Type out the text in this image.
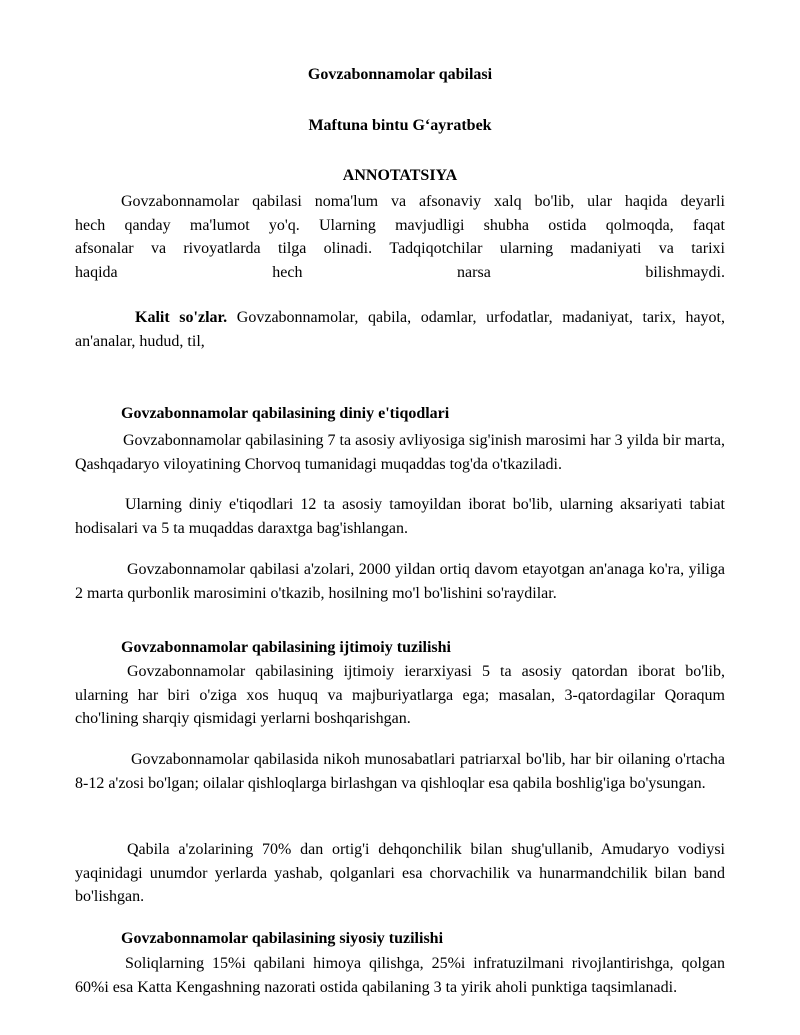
Govzabonnamolar qabilasi
Maftuna bintu G‘ayratbek
ANNOTATSIYA
Govzabonnamolar qabilasi noma'lum va afsonaviy xalq bo'lib, ular haqida deyarli
hech qanday ma'lumot yo'q. Ularning mavjudligi shubha ostida qolmoqda, faqat
afsonalar va rivoyatlarda tilga olinadi. Tadqiqotchilar ularning madaniyati va tarixi
haqida	hech	narsa	bilishmaydi.

Kalit so'zlar. Govzabonnamolar, qabila, odamlar, urfodatlar, madaniyat, tarix, hayot, an'analar, hudud, til,

Govzabonnamolar qabilasining diniy e'tiqodlari

Govzabonnamolar qabilasining 7 ta asosiy avliyosiga sig'inish marosimi har 3 yilda bir marta, Qashqadaryo viloyatining Chorvoq tumanidagi muqaddas tog'da o'tkaziladi.

Ularning diniy e'tiqodlari 12 ta asosiy tamoyildan iborat bo'lib, ularning aksariyati tabiat hodisalari va 5 ta muqaddas daraxtga bag'ishlangan.

Govzabonnamolar qabilasi a'zolari, 2000 yildan ortiq davom etayotgan an'anaga ko'ra, yiliga 2 marta qurbonlik marosimini o'tkazib, hosilning mo'l bo'lishini so'raydilar.

Govzabonnamolar qabilasining ijtimoiy tuzilishi

Govzabonnamolar qabilasining ijtimoiy ierarxiyasi 5 ta asosiy qatordan iborat bo'lib, ularning har biri o'ziga xos huquq va majburiyatlarga ega; masalan, 3-qatordagilar Qoraqum cho'lining sharqiy qismidagi yerlarni boshqarishgan.

Govzabonnamolar qabilasida nikoh munosabatlari patriarxal bo'lib, har bir oilaning o'rtacha 8-12 a'zosi bo'lgan; oilalar qishloqlarga birlashgan va qishloqlar esa qabila boshlig'iga bo'ysungan.

Qabila a'zolarining 70% dan ortig'i dehqonchilik bilan shug'ullanib, Amudaryo vodiysi yaqinidagi unumdor yerlarda yashab, qolganlari esa chorvachilik va hunarmandchilik bilan band bo'lishgan.

Govzabonnamolar qabilasining siyosiy tuzilishi

Soliqlarning 15%i qabilani himoya qilishga, 25%i infratuzilmani rivojlantirishga, qolgan 60%i esa Katta Kengashning nazorati ostida qabilaning 3 ta yirik aholi punktiga taqsimlanadi.
